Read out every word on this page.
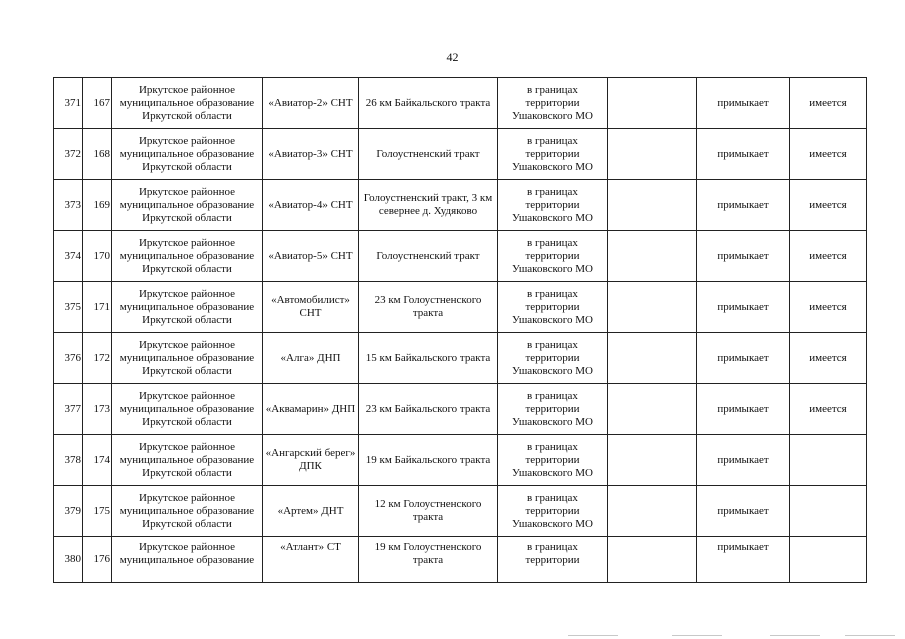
42
371	167	Иркутское районное муниципальное образование Иркутской области	«Авиатор-2» СНТ	26 км Байкальского тракта	в границах территории Ушаковского МО		примыкает	имеется
372	168	Иркутское районное муниципальное образование Иркутской области	«Авиатор-3» СНТ	Голоустненский тракт	в границах территории Ушаковского МО		примыкает	имеется
373	169	Иркутское районное муниципальное образование Иркутской области	«Авиатор-4» СНТ	Голоустненский тракт, 3 км севернее д. Худяково	в границах территории Ушаковского МО		примыкает	имеется
374	170	Иркутское районное муниципальное образование Иркутской области	«Авиатор-5» СНТ	Голоустненский тракт	в границах территории Ушаковского МО		примыкает	имеется
375	171	Иркутское районное муниципальное образование Иркутской области	«Автомобилист» СНТ	23 км Голоустненского тракта	в границах территории Ушаковского МО		примыкает	имеется
376	172	Иркутское районное муниципальное образование Иркутской области	«Алга» ДНП	15 км Байкальского тракта	в границах территории Ушаковского МО		примыкает	имеется
377	173	Иркутское районное муниципальное образование Иркутской области	«Аквамарин» ДНП	23 км Байкальского тракта	в границах территории Ушаковского МО		примыкает	имеется
378	174	Иркутское районное муниципальное образование Иркутской области	«Ангарский берег» ДПК	19 км Байкальского тракта	в границах территории Ушаковского МО		примыкает	
379	175	Иркутское районное муниципальное образование Иркутской области	«Артем» ДНТ	12 км Голоустненского тракта	в границах территории Ушаковского МО		примыкает	
380	176	Иркутское районное муниципальное образование	«Атлант» СТ	19 км Голоустненского тракта	в границах территории		примыкает	
